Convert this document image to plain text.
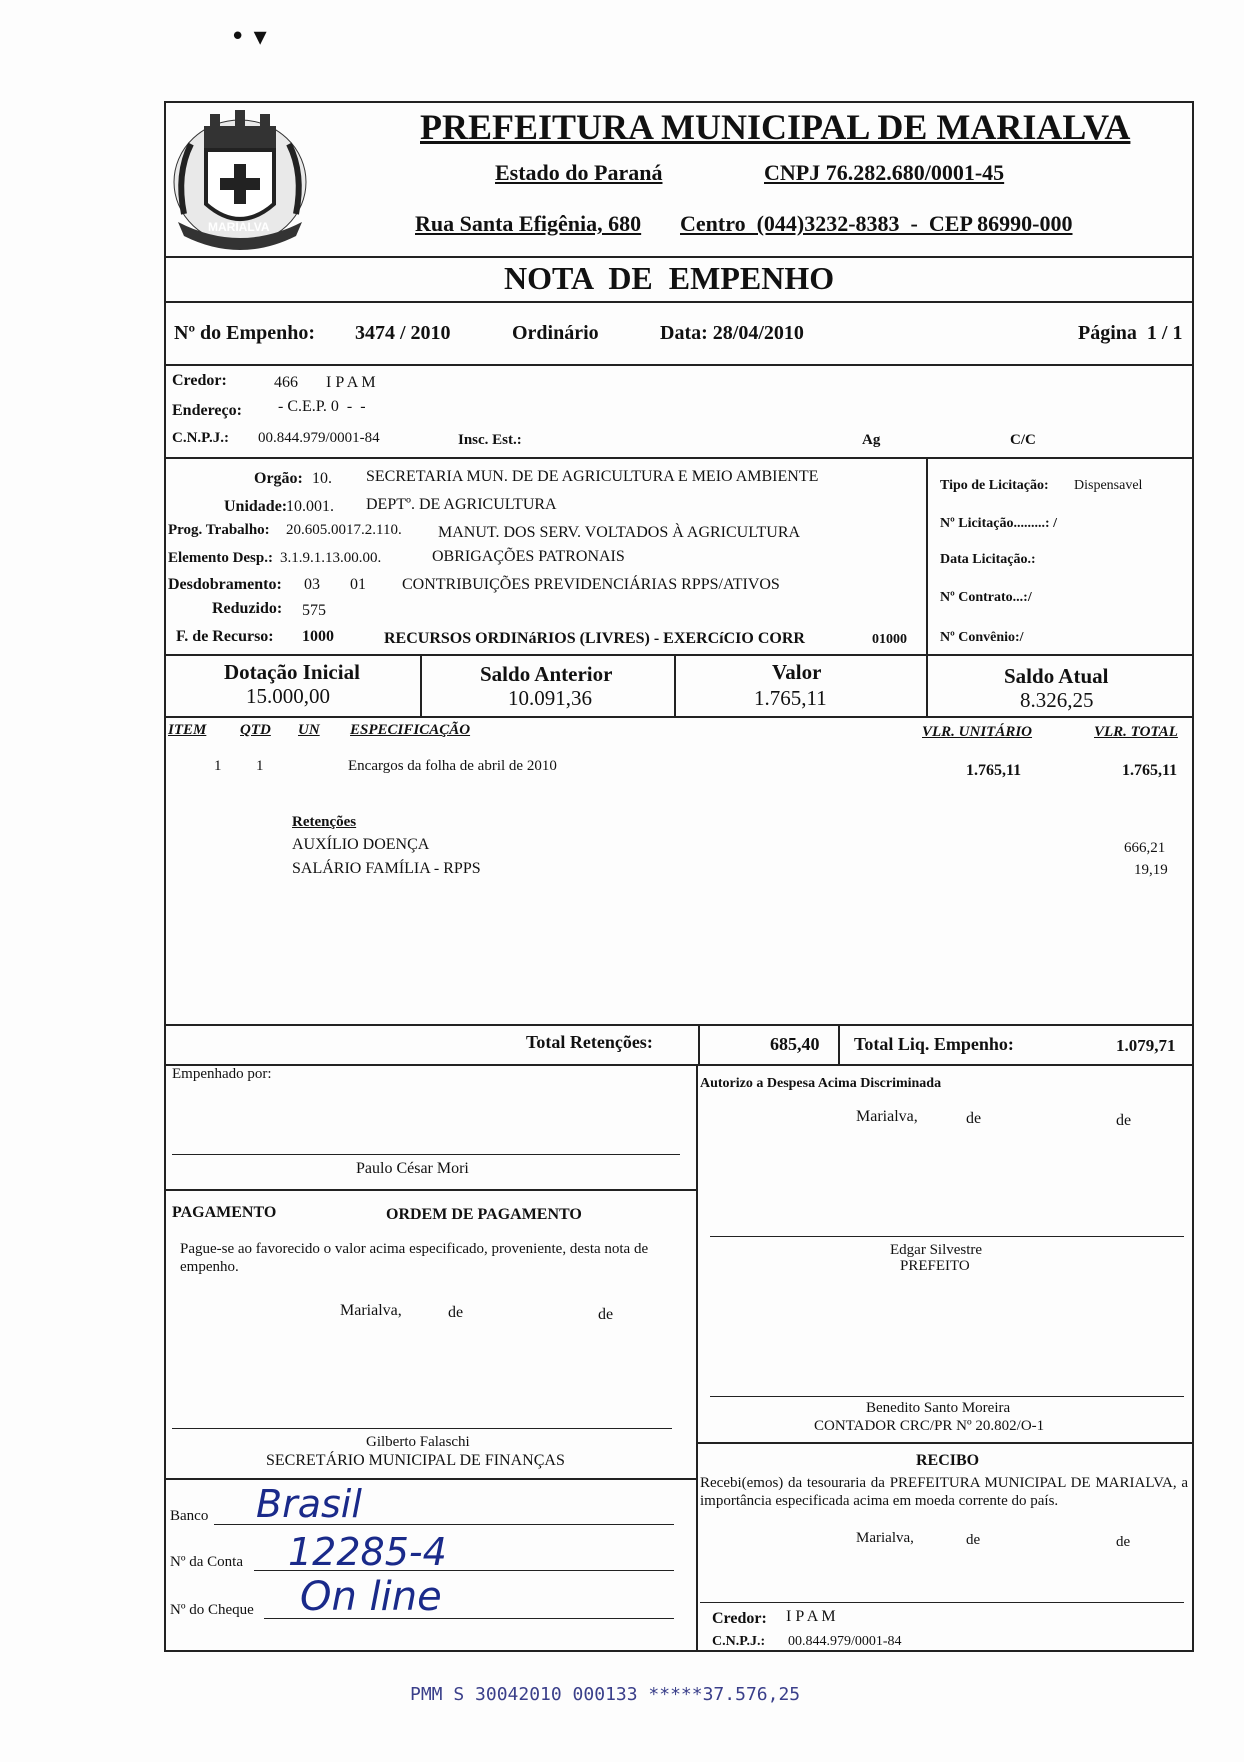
• ▾
MARIALVA
PREFEITURA MUNICIPAL DE MARIALVA
Estado do Paraná	CNPJ 76.282.680/0001-45
Rua Santa Efigênia, 680 Centro  (044)3232-8383  -  CEP 86990-000
NOTA  DE  EMPENHO
Nº do Empenho: 3474 / 2010	Ordinário	Data: 28/04/2010	Página  1 / 1
Credor:	466 I P A M
Endereço: - C.E.P. 0  -  -
C.N.P.J.: 00.844.979/0001-84	Insc. Est.:	Ag	C/C
Orgão: 10. SECRETARIA MUN. DE DE AGRICULTURA E MEIO AMBIENTE
Unidade:
10.001. DEPTº. DE AGRICULTURA
Prog. Trabalho: 20.605.0017.2.110. MANUT. DOS SERV. VOLTADOS À AGRICULTURA
Elemento Desp.: 3.1.9.1.13.00.00.	OBRIGAÇÕES PATRONAIS
Desdobramento: 03 01 CONTRIBUIÇÕES PREVIDENCIÁRIAS RPPS/ATIVOS
Reduzido: 575
F. de Recurso: 1000	RECURSOS ORDINáRIOS (LIVRES) - EXERCíCIO CORR	01000
Tipo de Licitação: Dispensavel
Nº Licitação.........: /
Data Licitação.:
Nº Contrato...:/
Nº Convênio:/
Dotação Inicial
15.000,00
Saldo Anterior
10.091,36
Valor
1.765,11
Saldo Atual
8.326,25
ITEM QTD UN ESPECIFICAÇÃO	VLR. UNITÁRIO	VLR. TOTAL
1 1	Encargos da folha de abril de 2010	1.765,11	1.765,11
Retenções
AUXÍLIO DOENÇA	666,21
SALÁRIO FAMÍLIA - RPPS	19,19
Total Retenções:	685,40 Total Liq. Empenho:	1.079,71
Empenhado por:
Paulo César Mori
Autorizo a Despesa Acima Discriminada
Marialva,	de	de
Edgar Silvestre
PREFEITO
PAGAMENTO	ORDEM DE PAGAMENTO
Pague-se ao favorecido o valor acima especificado, proveniente, desta nota de empenho.
Marialva,	de	de
Gilberto Falaschi
SECRETÁRIO MUNICIPAL DE FINANÇAS
Benedito Santo Moreira
CONTADOR CRC/PR Nº 20.802/O-1
RECIBO
Recebi(emos) da tesouraria da PREFEITURA MUNICIPAL DE MARIALVA, a importância especificada acima em moeda corrente do país.
Marialva,	de	de
Credor: I P A M
C.N.P.J.: 00.844.979/0001-84
Banco Brasil
Nº da Conta 12285-4
Nº do Cheque On line
PMM S 30042010 000133 *****37.576,25
